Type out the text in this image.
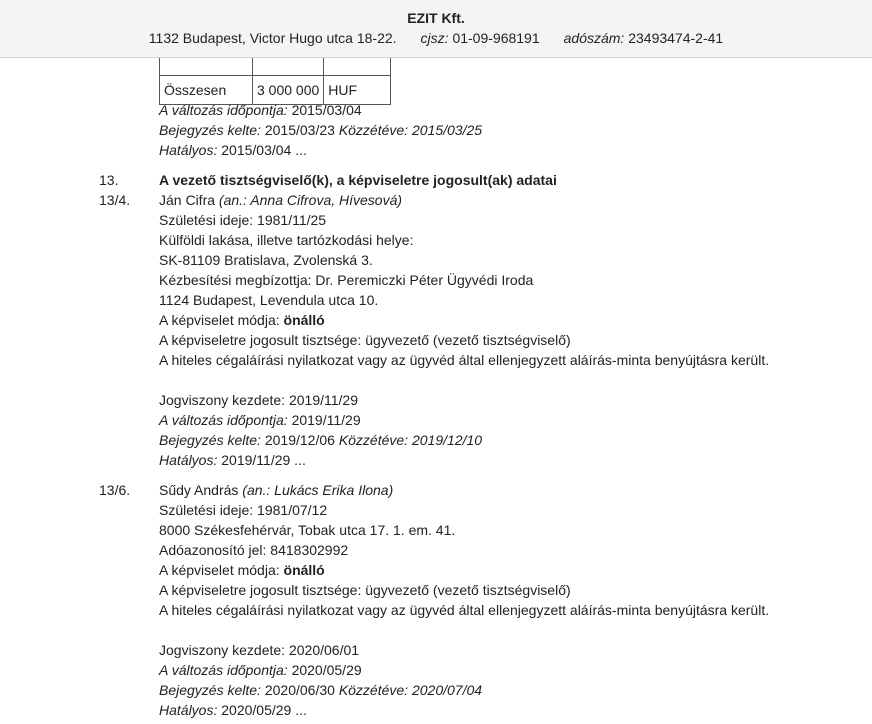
EZIT Kft.
1132 Budapest, Victor Hugo utca 18-22. cjsz: 01-09-968191 adószám: 23493474-2-41

Összesen	3 000 000	HUF
A változás időpontja: 2015/03/04
Bejegyzés kelte: 2015/03/23 Közzétéve: 2015/03/25
Hatályos: 2015/03/04 ...
13.	A vezető tisztségviselő(k), a képviseletre jogosult(ak) adatai
13/4. Ján Cifra (an.: Anna Cifrova, Hívesová)
Születési ideje: 1981/11/25
Külföldi lakása, illetve tartózkodási helye:
SK-81109 Bratislava, Zvolenská 3.
Kézbesítési megbízottja: Dr. Peremiczki Péter Ügyvédi Iroda
1124 Budapest, Levendula utca 10.
A képviselet módja: önálló
A képviseletre jogosult tisztsége: ügyvezető (vezető tisztségviselő)
A hiteles cégaláírási nyilatkozat vagy az ügyvéd által ellenjegyzett aláírás-minta benyújtásra került.
Jogviszony kezdete: 2019/11/29
A változás időpontja: 2019/11/29
Bejegyzés kelte: 2019/12/06 Közzétéve: 2019/12/10
Hatályos: 2019/11/29 ...
13/6. Sűdy András (an.: Lukács Erika Ilona)
Születési ideje: 1981/07/12
8000 Székesfehérvár, Tobak utca 17. 1. em. 41.
Adóazonosító jel: 8418302992
A képviselet módja: önálló
A képviseletre jogosult tisztsége: ügyvezető (vezető tisztségviselő)
A hiteles cégaláírási nyilatkozat vagy az ügyvéd által ellenjegyzett aláírás-minta benyújtásra került.
Jogviszony kezdete: 2020/06/01
A változás időpontja: 2020/05/29
Bejegyzés kelte: 2020/06/30 Közzétéve: 2020/07/04
Hatályos: 2020/05/29 ...
